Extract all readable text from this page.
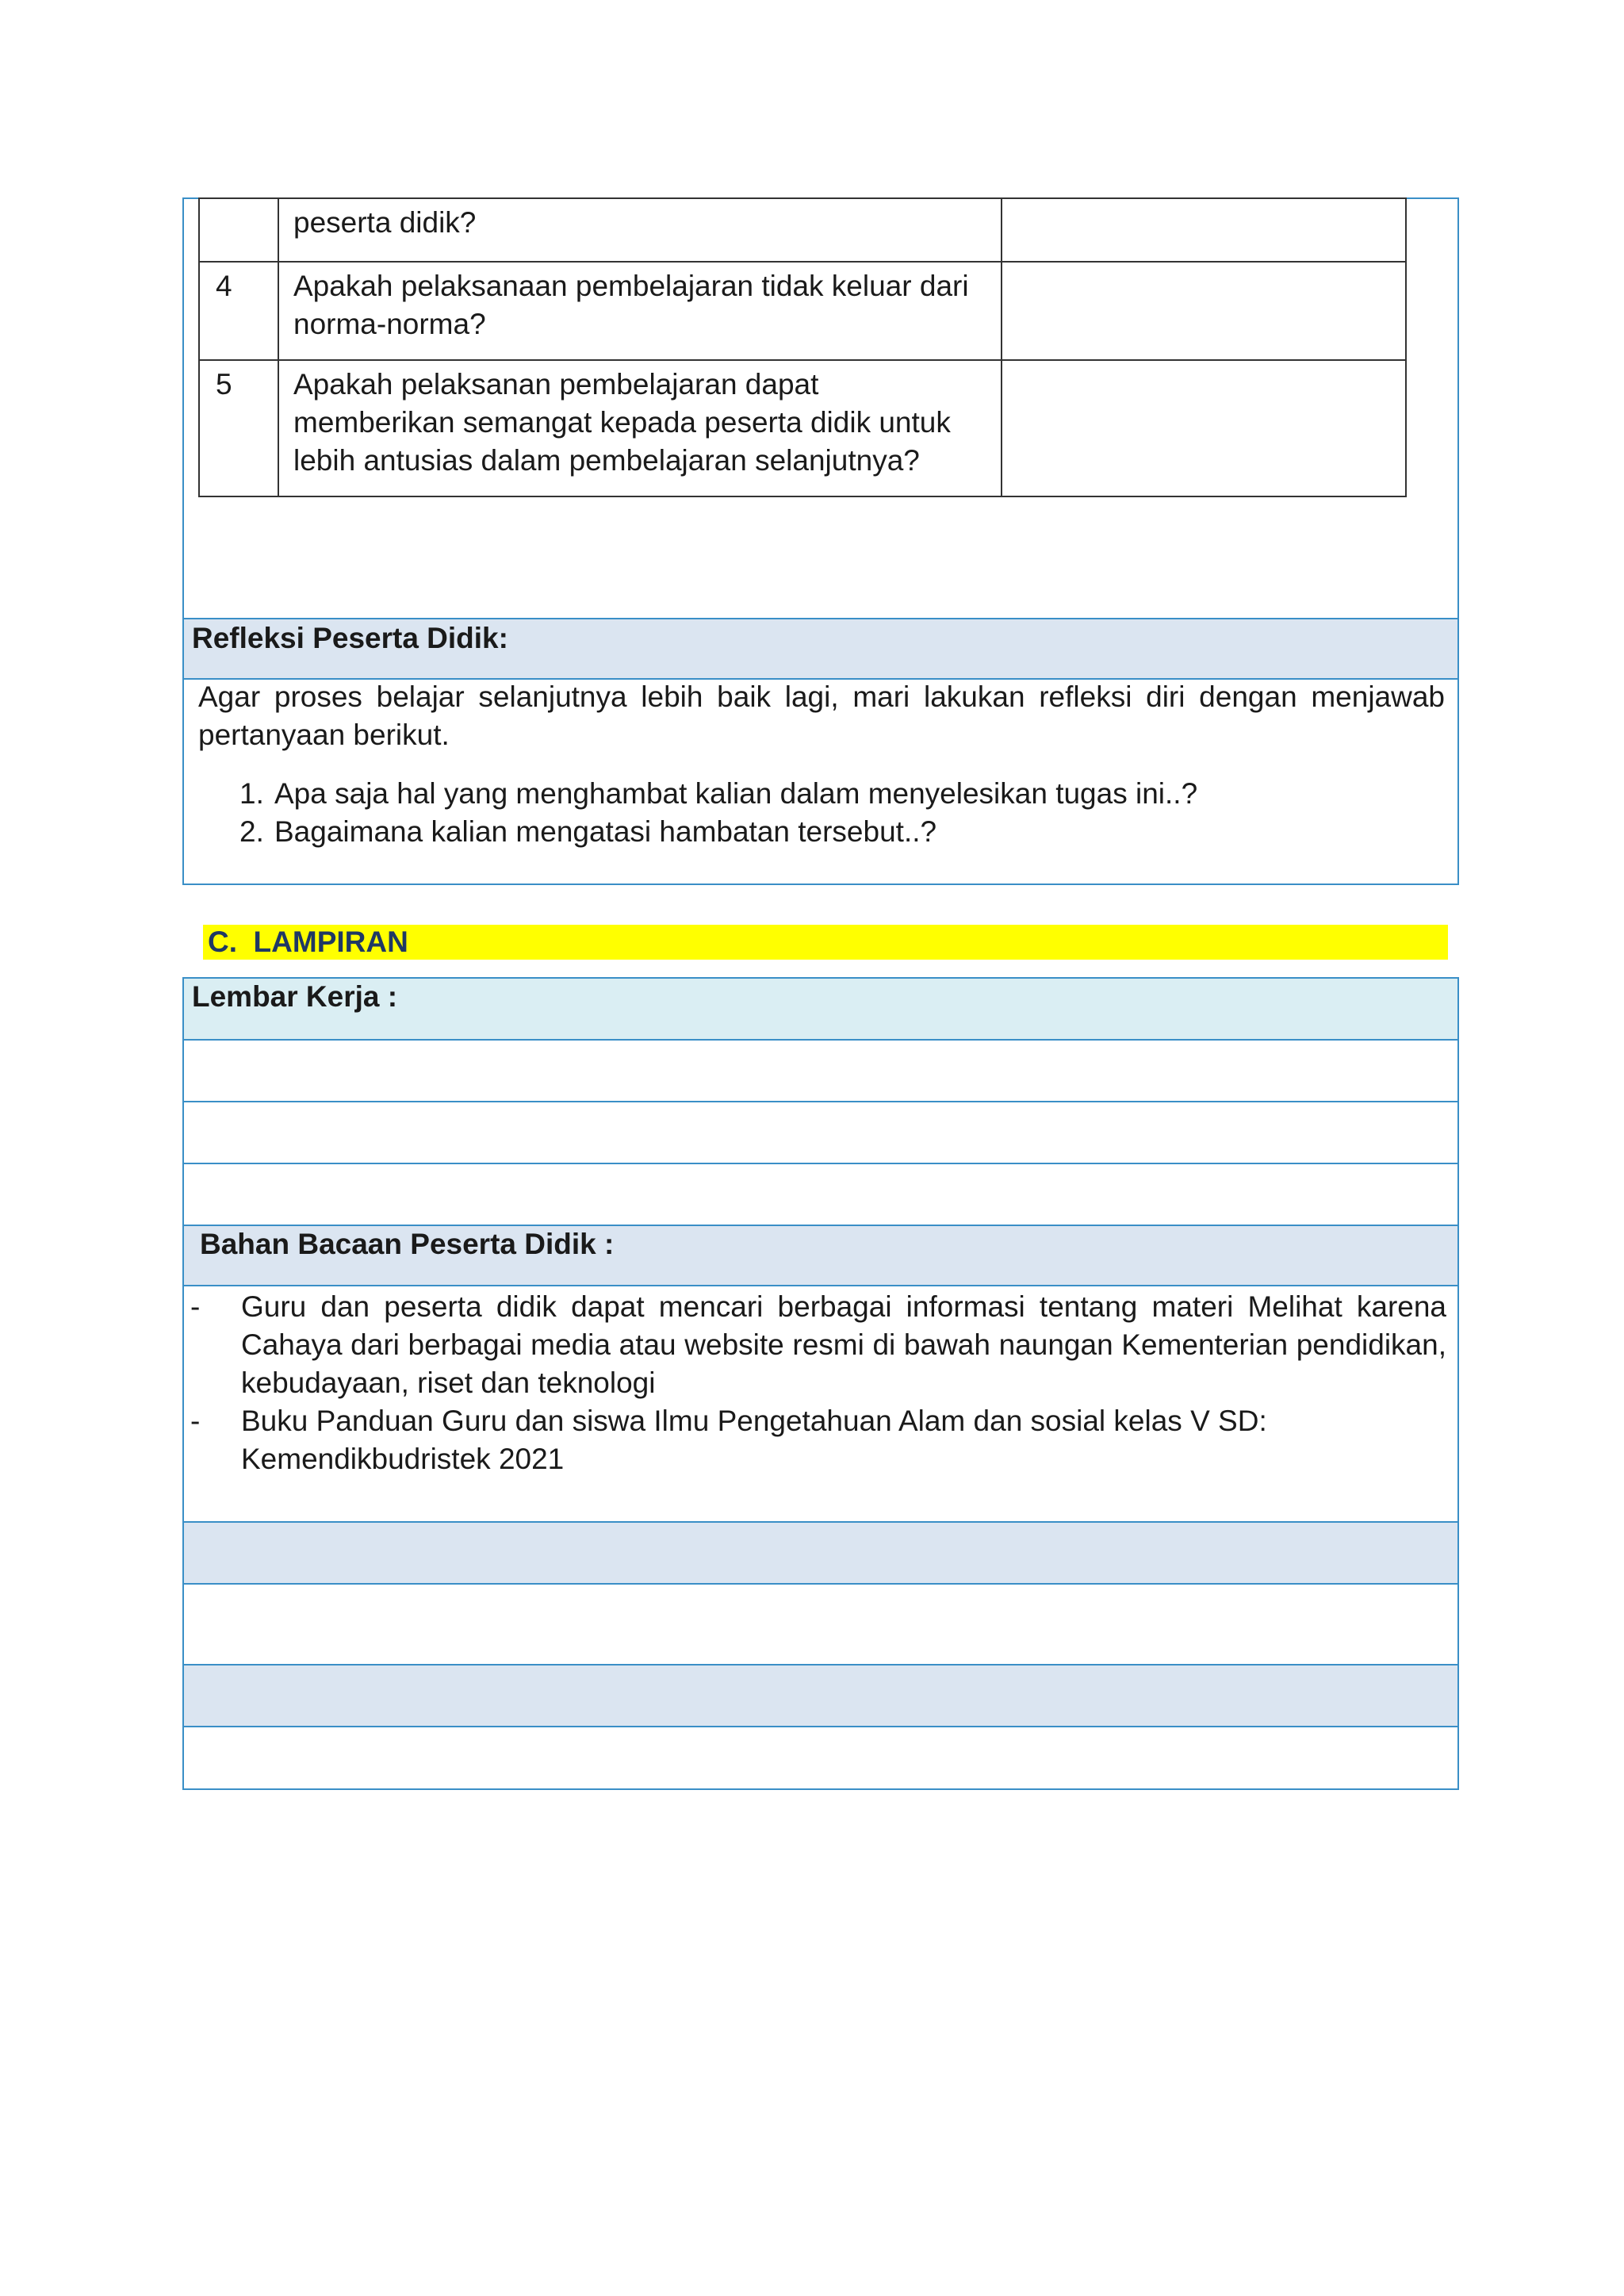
	peserta didik?	
4	Apakah pelaksanaan pembelajaran tidak keluar dari norma-norma?	
5	Apakah pelaksanan pembelajaran dapat memberikan semangat kepada peserta didik untuk lebih antusias dalam pembelajaran selanjutnya?	
Refleksi Peserta Didik:
Agar proses belajar selanjutnya lebih baik lagi, mari lakukan refleksi diri dengan menjawab pertanyaan berikut.
1. Apa saja hal yang menghambat kalian dalam menyelesikan tugas ini..?
2. Bagaimana kalian mengatasi hambatan tersebut..?
C.  LAMPIRAN
Lembar Kerja :
Bahan Bacaan Peserta Didik :
-	Guru dan peserta didik dapat mencari berbagai informasi tentang materi Melihat karena Cahaya dari berbagai media atau website resmi di bawah naungan Kementerian pendidikan, kebudayaan, riset dan teknologi
-	Buku Panduan Guru dan siswa Ilmu Pengetahuan Alam dan sosial kelas V SD: Kemendikbudristek 2021
